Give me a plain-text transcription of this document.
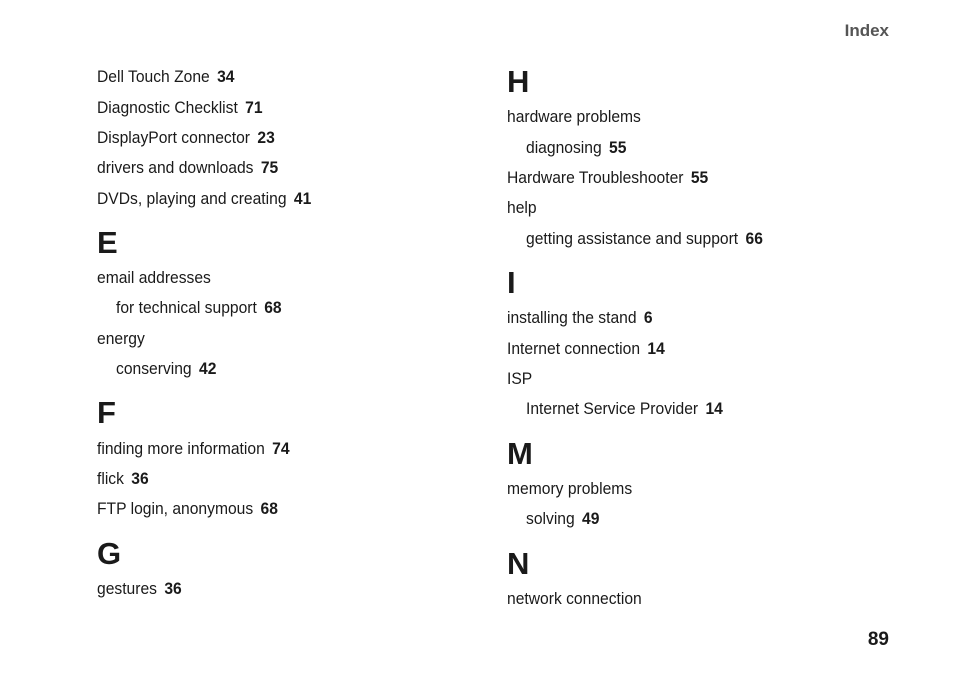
Index
Dell Touch Zone 34
Diagnostic Checklist 71
DisplayPort connector 23
drivers and downloads 75
DVDs, playing and creating 41
E
email addresses
for technical support 68
energy
conserving 42
F
finding more information 74
flick 36
FTP login, anonymous 68
G
gestures 36
H
hardware problems
diagnosing 55
Hardware Troubleshooter 55
help
getting assistance and support 66
I
installing the stand 6
Internet connection 14
ISP
Internet Service Provider 14
M
memory problems
solving 49
N
network connection
89
